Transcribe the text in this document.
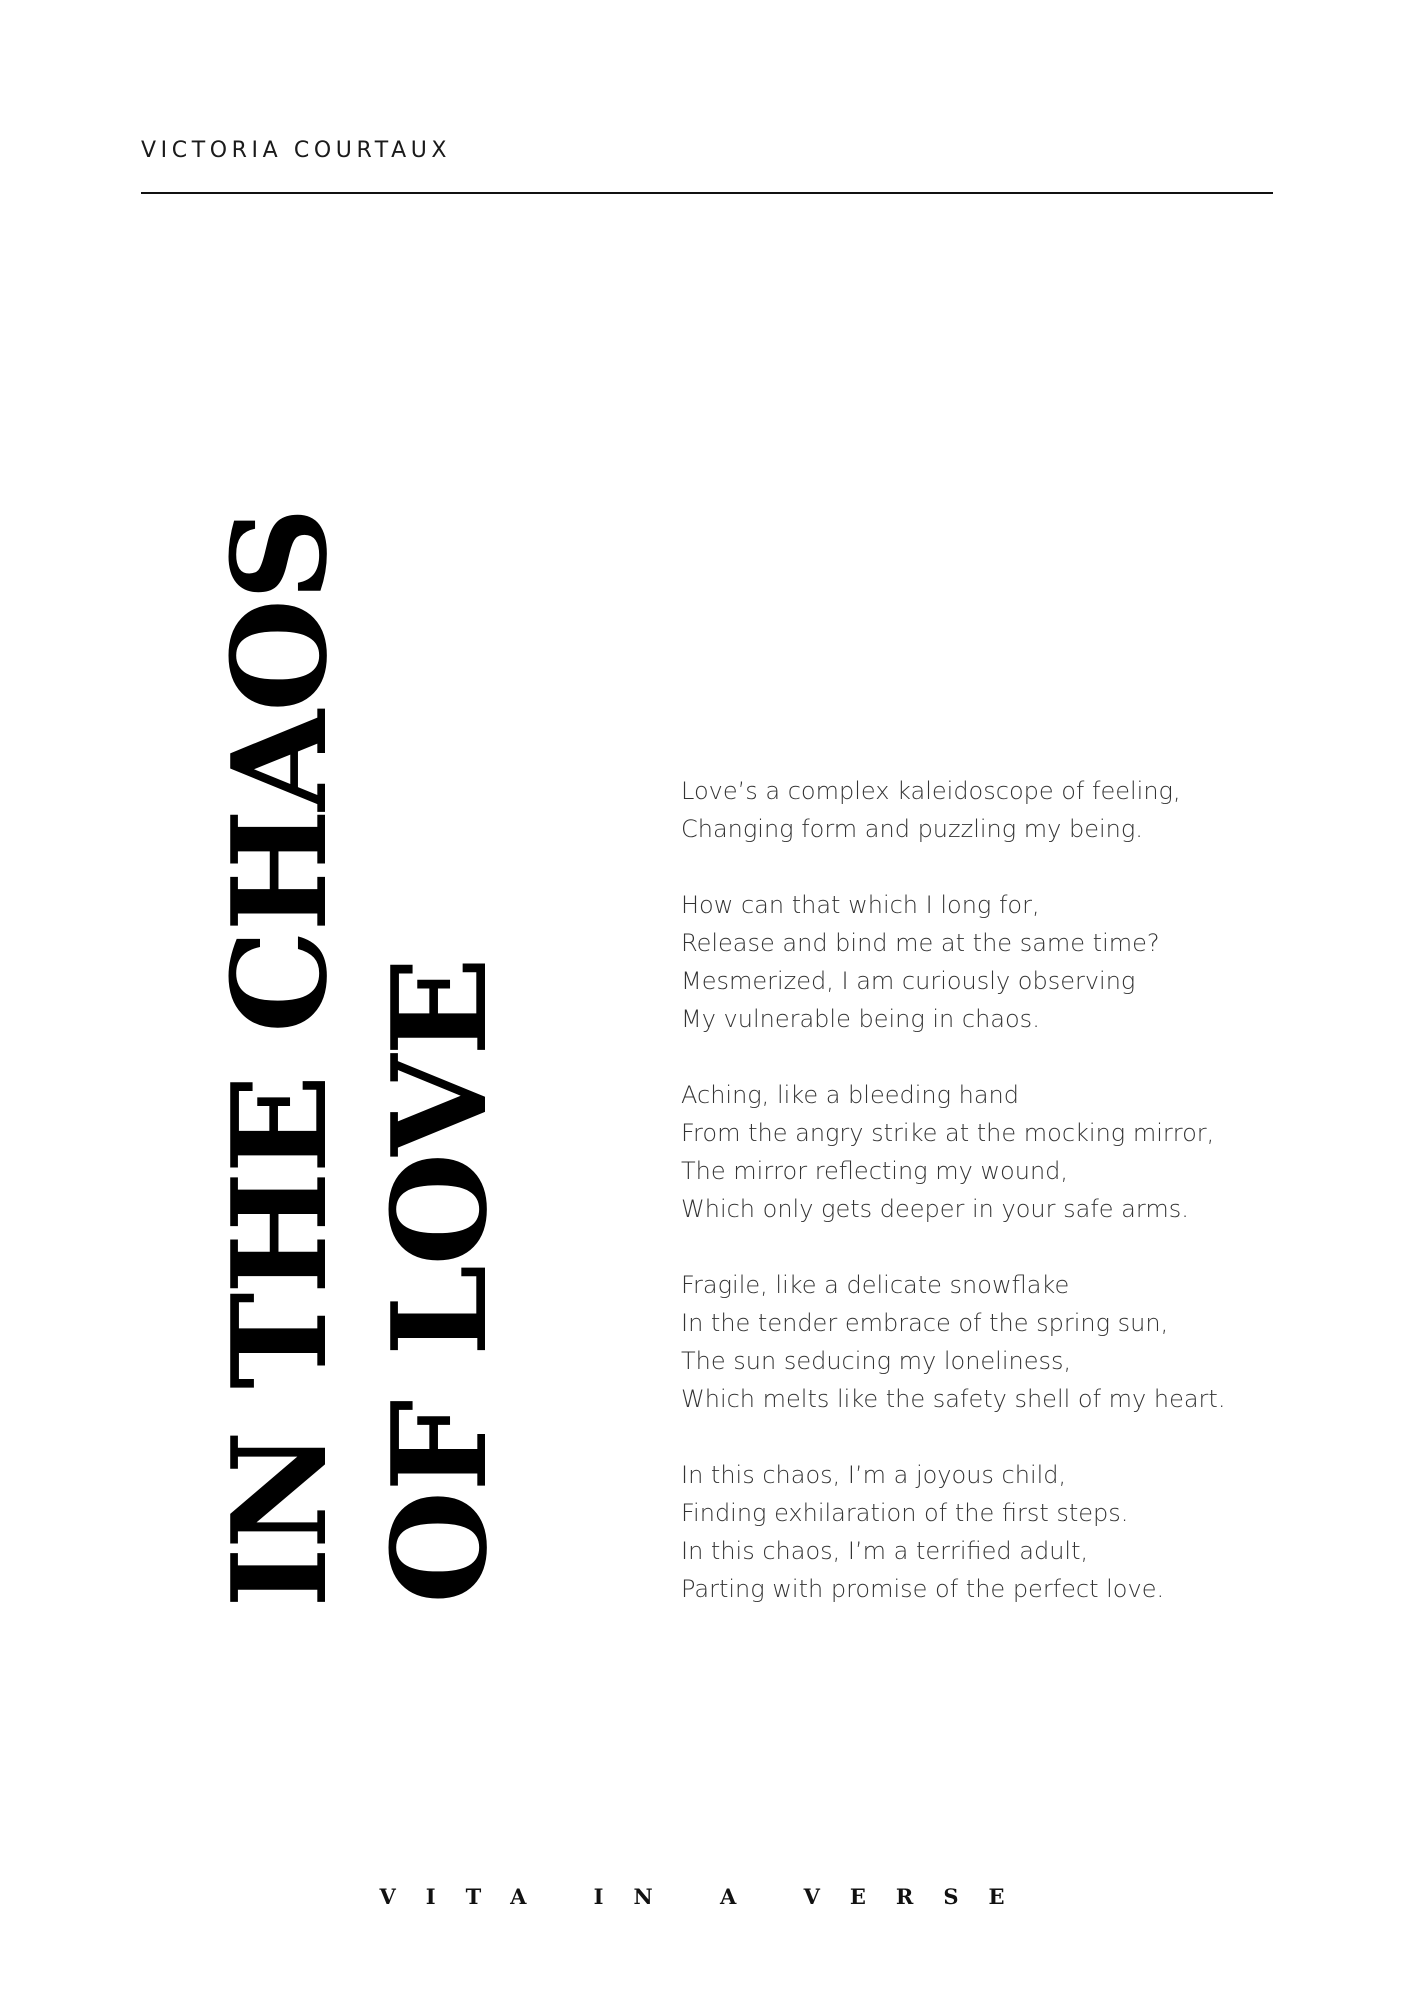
VICTORIA COURTAUX
IN THE CHAOS OF LOVE
Love’s a complex kaleidoscope of feeling,
Changing form and puzzling my being.
How can that which I long for,
Release and bind me at the same time?
Mesmerized, I am curiously observing
My vulnerable being in chaos.
Aching, like a bleeding hand
From the angry strike at the mocking mirror,
The mirror reflecting my wound,
Which only gets deeper in your safe arms.
Fragile, like a delicate snowflake
In the tender embrace of the spring sun,
The sun seducing my loneliness,
Which melts like the safety shell of my heart.
In this chaos, I’m a joyous child,
Finding exhilaration of the first steps.
In this chaos, I’m a terrified adult,
Parting with promise of the perfect love.
VITA IN A VERSE
